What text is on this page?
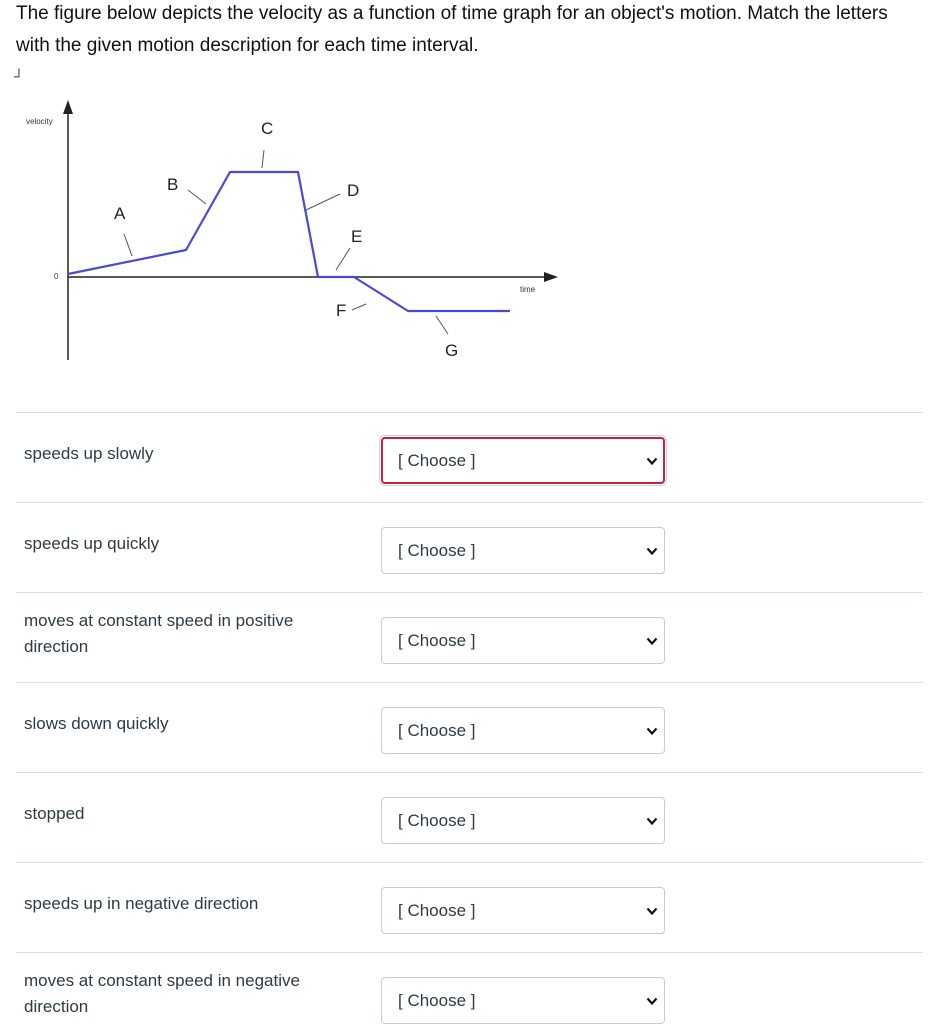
The figure below depicts the velocity as a function of time graph for an object's motion. Match the letters with the given motion description for each time interval.

┘
velocity
time
0
A
B
C
D
E
F
G
speeds up slowly	[ Choose ]
speeds up quickly	[ Choose ]
moves at constant speed in positive direction	[ Choose ]
slows down quickly	[ Choose ]
stopped	[ Choose ]
speeds up in negative direction	[ Choose ]
moves at constant speed in negative direction	[ Choose ]
